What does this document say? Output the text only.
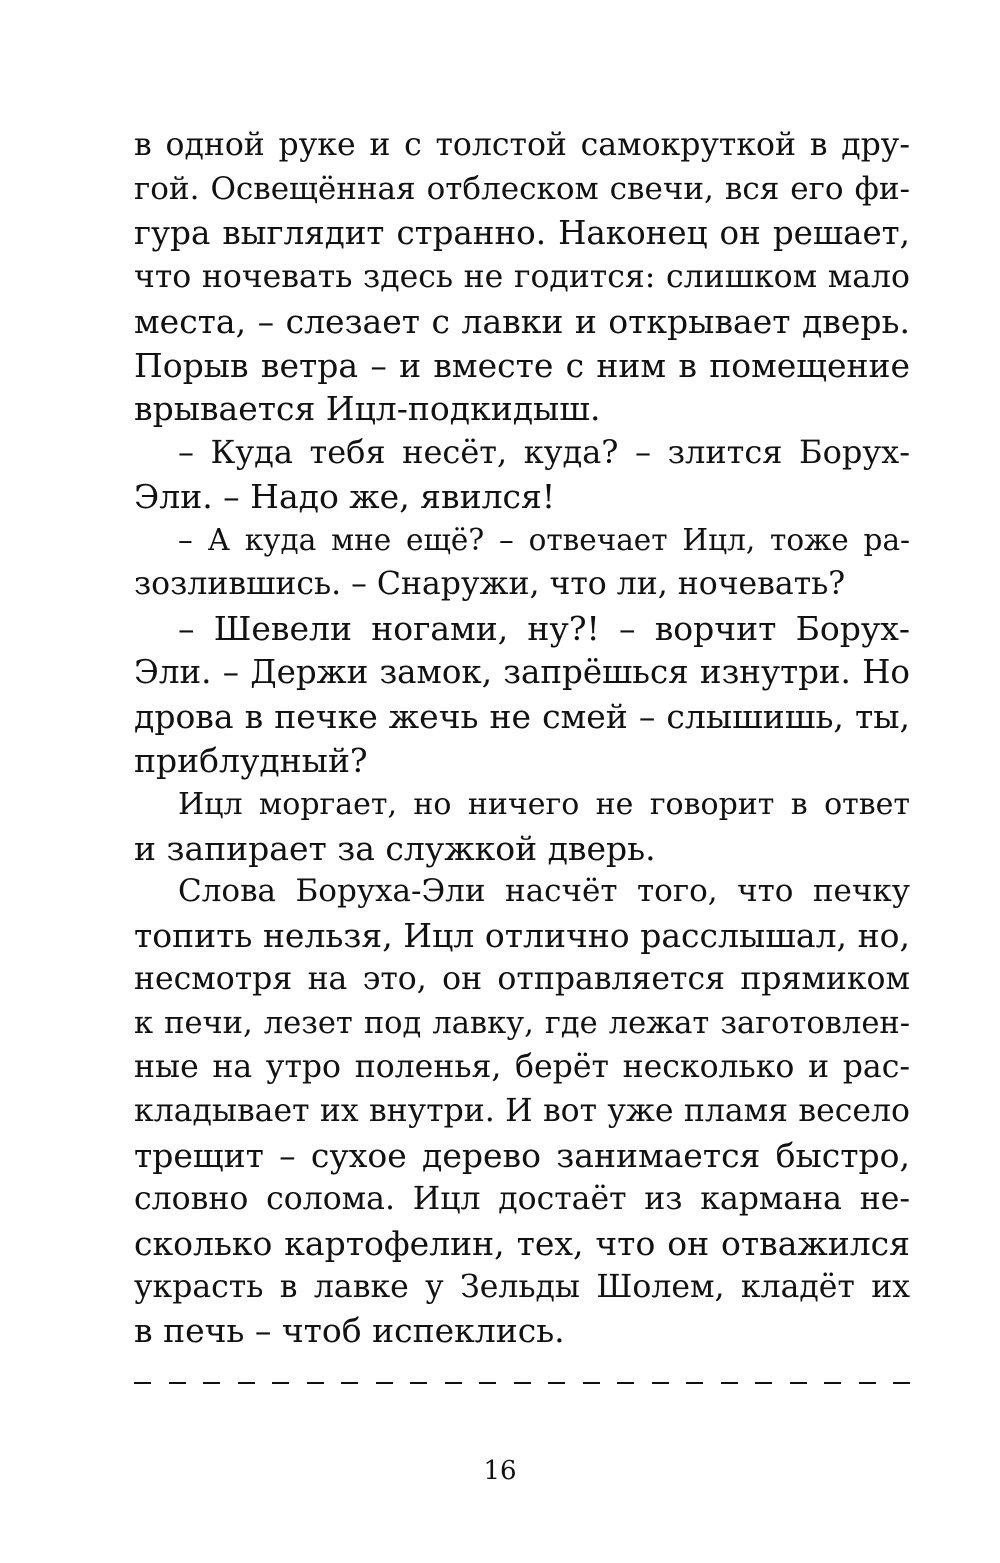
в одной руке и с толстой самокруткой в дру-
гой. Освещённая отблеском свечи, вся его фи-
гура выглядит странно. Наконец он решает,
что ночевать здесь не годится: слишком мало
места, – слезает с лавки и открывает дверь.
Порыв ветра – и вместе с ним в помещение
врывается Ицл-подкидыш.
– Куда тебя несёт, куда? – злится Борух-
Эли. – Надо же, явился!
– А куда мне ещё? – отвечает Ицл, тоже ра-
зозлившись. – Снаружи, что ли, ночевать?
– Шевели ногами, ну?! – ворчит Борух-
Эли. – Держи замок, запрёшься изнутри. Но
дрова в печке жечь не смей – слышишь, ты,
приблудный?
Ицл моргает, но ничего не говорит в ответ
и запирает за служкой дверь.
Слова Боруха-Эли насчёт того, что печку
топить нельзя, Ицл отлично расслышал, но,
несмотря на это, он отправляется прямиком
к печи, лезет под лавку, где лежат заготовлен-
ные на утро поленья, берёт несколько и рас-
кладывает их внутри. И вот уже пламя весело
трещит – сухое дерево занимается быстро,
словно солома. Ицл достаёт из кармана не-
сколько картофелин, тех, что он отважился
украсть в лавке у Зельды Шолем, кладёт их
в печь – чтоб испеклись.
16
